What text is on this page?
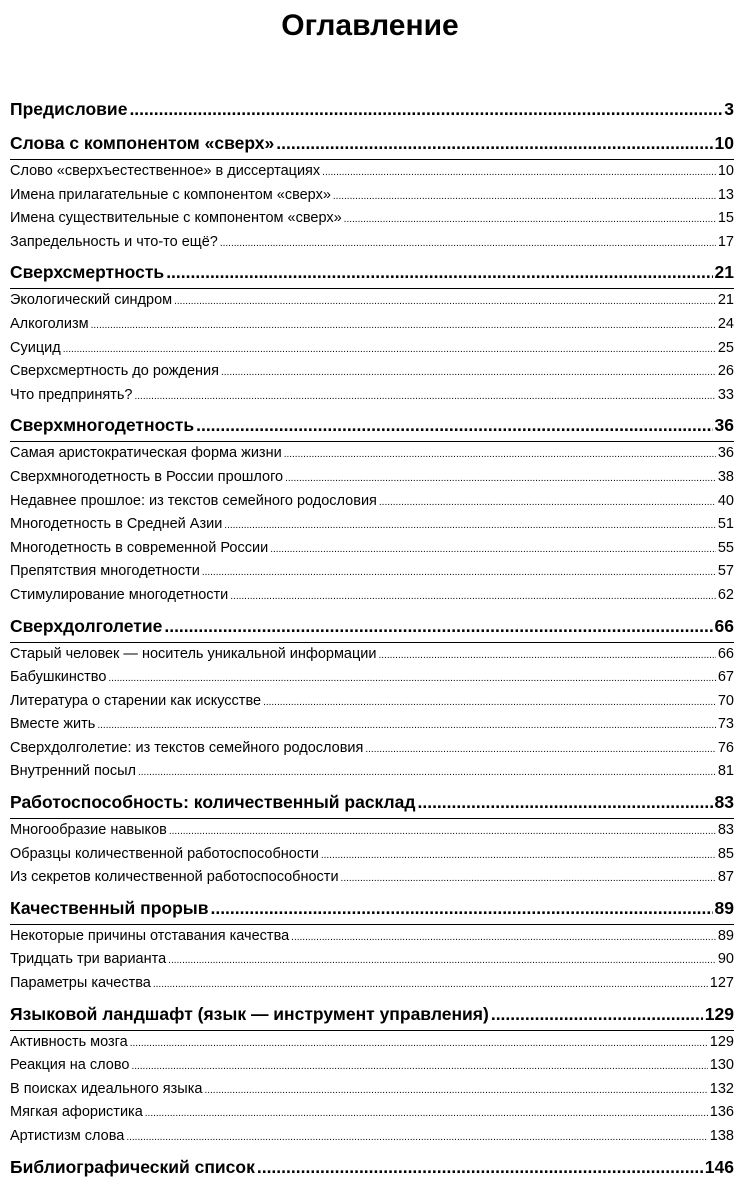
Оглавление
Предисловие .....	3
Слова с компонентом «сверх» .....	10
Слово «сверхъестественное» в диссертациях .....	10
Имена прилагательные с компонентом «сверх» .....	13
Имена существительные с компонентом «сверх» .....	15
Запредельность и что-то ещё? .....	17
Сверхсмертность .....	21
Экологический синдром .....	21
Алкоголизм .....	24
Суицид .....	25
Сверхсмертность до рождения .....	26
Что предпринять? .....	33
Сверхмногодетность .....	36
Самая аристократическая форма жизни .....	36
Сверхмногодетность в России прошлого .....	38
Недавнее прошлое: из текстов семейного родословия .....	40
Многодетность в Средней Азии .....	51
Многодетность в современной России .....	55
Препятствия многодетности .....	57
Стимулирование многодетности .....	62
Сверхдолголетие .....	66
Старый человек — носитель уникальной информации .....	66
Бабушкинство .....	67
Литература о старении как искусстве .....	70
Вместе жить .....	73
Сверхдолголетие: из текстов семейного родословия .....	76
Внутренний посыл .....	81
Работоспособность: количественный расклад .....	83
Многообразие навыков .....	83
Образцы количественной работоспособности .....	85
Из секретов количественной работоспособности .....	87
Качественный прорыв .....	89
Некоторые причины отставания качества .....	89
Тридцать три варианта .....	90
Параметры качества .....	127
Языковой ландшафт (язык — инструмент управления) .....	129
Активность мозга .....	129
Реакция на слово .....	130
В поисках идеального языка .....	132
Мягкая афористика .....	136
Артистизм слова .....	138
Библиографический список .....	146
